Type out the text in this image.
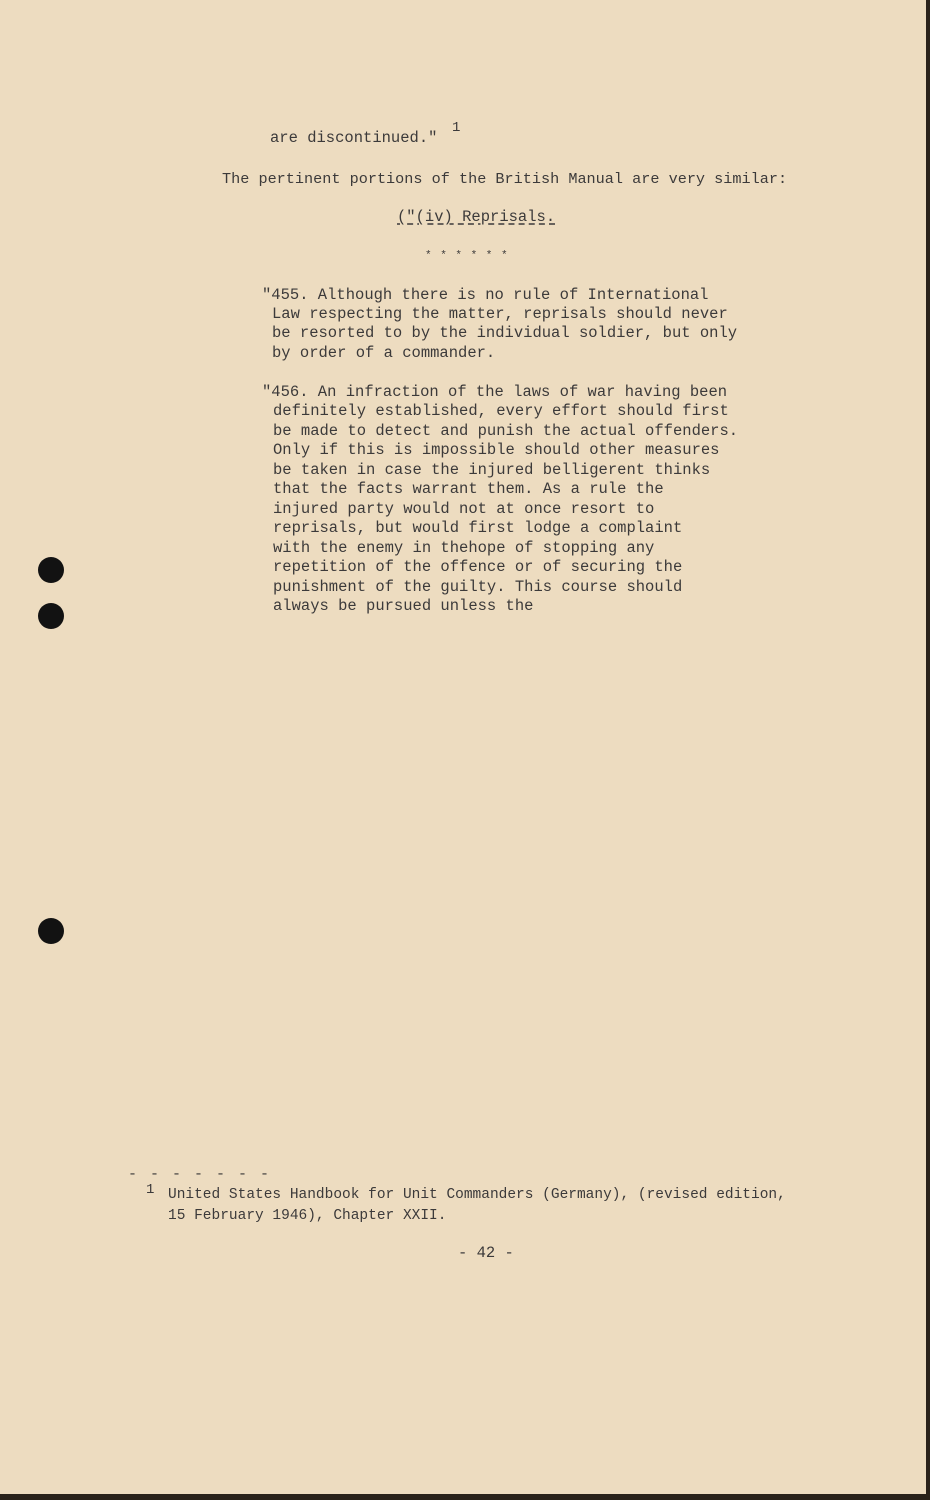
are discontinued."
1
The pertinent portions of the British Manual are very similar:
("(iv) Reprisals.
* * * * * *
"455. Although there is no rule of International
Law respecting the matter, reprisals should never
be resorted to by the individual soldier, but only
by order of a commander.
"456. An infraction of the laws of war having been
definitely established, every effort should first
be made to detect and punish the actual offenders.
Only if this is impossible should other measures
be taken in case the injured belligerent thinks
that the facts warrant them. As a rule the
injured party would not at once resort to
reprisals, but would first lodge a complaint
with the enemy in thehope of stopping any
repetition of the offence or of securing the
punishment of the guilty. This course should
always be pursued unless the
- - - - - - -
1 United States Handbook for Unit Commanders (Germany), (revised edition,
15 February 1946), Chapter XXII.
- 42 -
